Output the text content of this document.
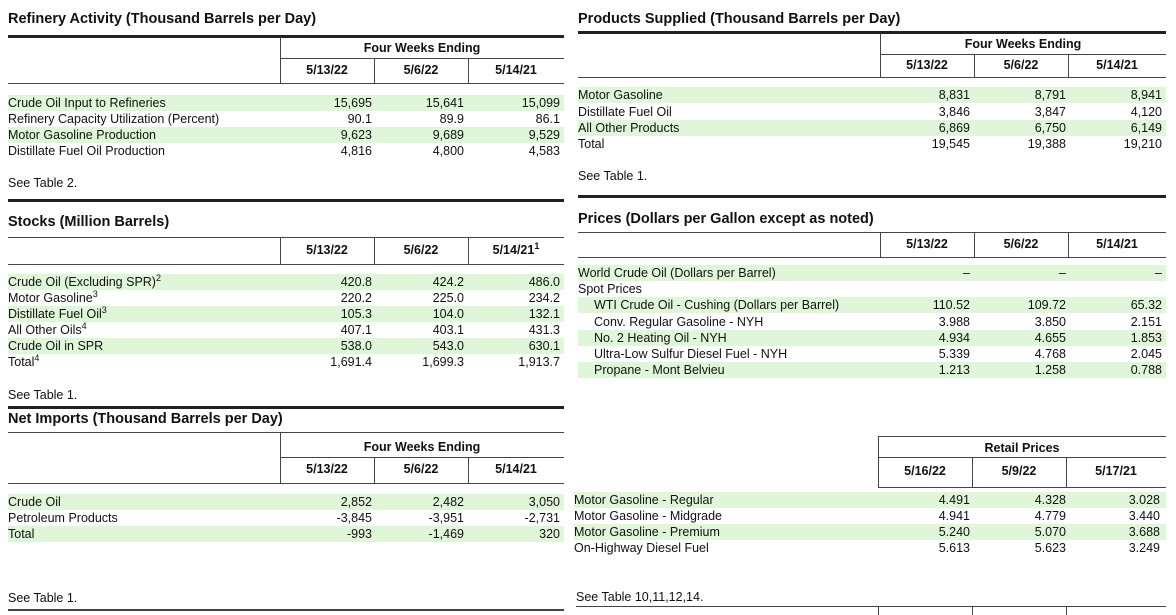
Refinery Activity (Thousand Barrels per Day)
Four Weeks Ending
5/13/22	5/6/22	5/14/21
Crude Oil Input to Refineries	15,695	15,641	15,099
Refinery Capacity Utilization (Percent)	90.1	89.9	86.1
Motor Gasoline Production	9,623	9,689	9,529
Distillate Fuel Oil Production	4,816	4,800	4,583
See Table 2.
Stocks (Million Barrels)
5/13/22	5/6/22	$5/14/21^1$
Crude Oil (Excluding SPR)$^2$	420.8	424.2	486.0
Motor Gasoline$^3$	220.2	225.0	234.2
Distillate Fuel Oil$^3$	105.3	104.0	132.1
All Other Oils$^4$	407.1	403.1	431.3
Crude Oil in SPR	538.0	543.0	630.1
Total$^4$	1,691.4	1,699.3	1,913.7
See Table 1.
Net Imports (Thousand Barrels per Day)
Four Weeks Ending
5/13/22	5/6/22	5/14/21
Crude Oil	2,852	2,482	3,050
Petroleum Products	-3,845	-3,951	-2,731
Total	-993	-1,469	320
See Table 1.
Products Supplied (Thousand Barrels per Day)
Four Weeks Ending
5/13/22	5/6/22	5/14/21
Motor Gasoline	8,831	8,791	8,941
Distillate Fuel Oil	3,846	3,847	4,120
All Other Products	6,869	6,750	6,149
Total	19,545	19,388	19,210
See Table 1.
Prices (Dollars per Gallon except as noted)
5/13/22	5/6/22	5/14/21
World Crude Oil (Dollars per Barrel)	–	–	–
Spot Prices
WTI Crude Oil - Cushing (Dollars per Barrel)	110.52	109.72	65.32
Conv. Regular Gasoline - NYH	3.988	3.850	2.151
No. 2 Heating Oil - NYH	4.934	4.655	1.853
Ultra-Low Sulfur Diesel Fuel - NYH	5.339	4.768	2.045
Propane - Mont Belvieu	1.213	1.258	0.788
Retail Prices
5/16/22	5/9/22	5/17/21
Motor Gasoline - Regular	4.491	4.328	3.028
Motor Gasoline - Midgrade	4.941	4.779	3.440
Motor Gasoline - Premium	5.240	5.070	3.688
On-Highway Diesel Fuel	5.613	5.623	3.249
See Table 10,11,12,14.
